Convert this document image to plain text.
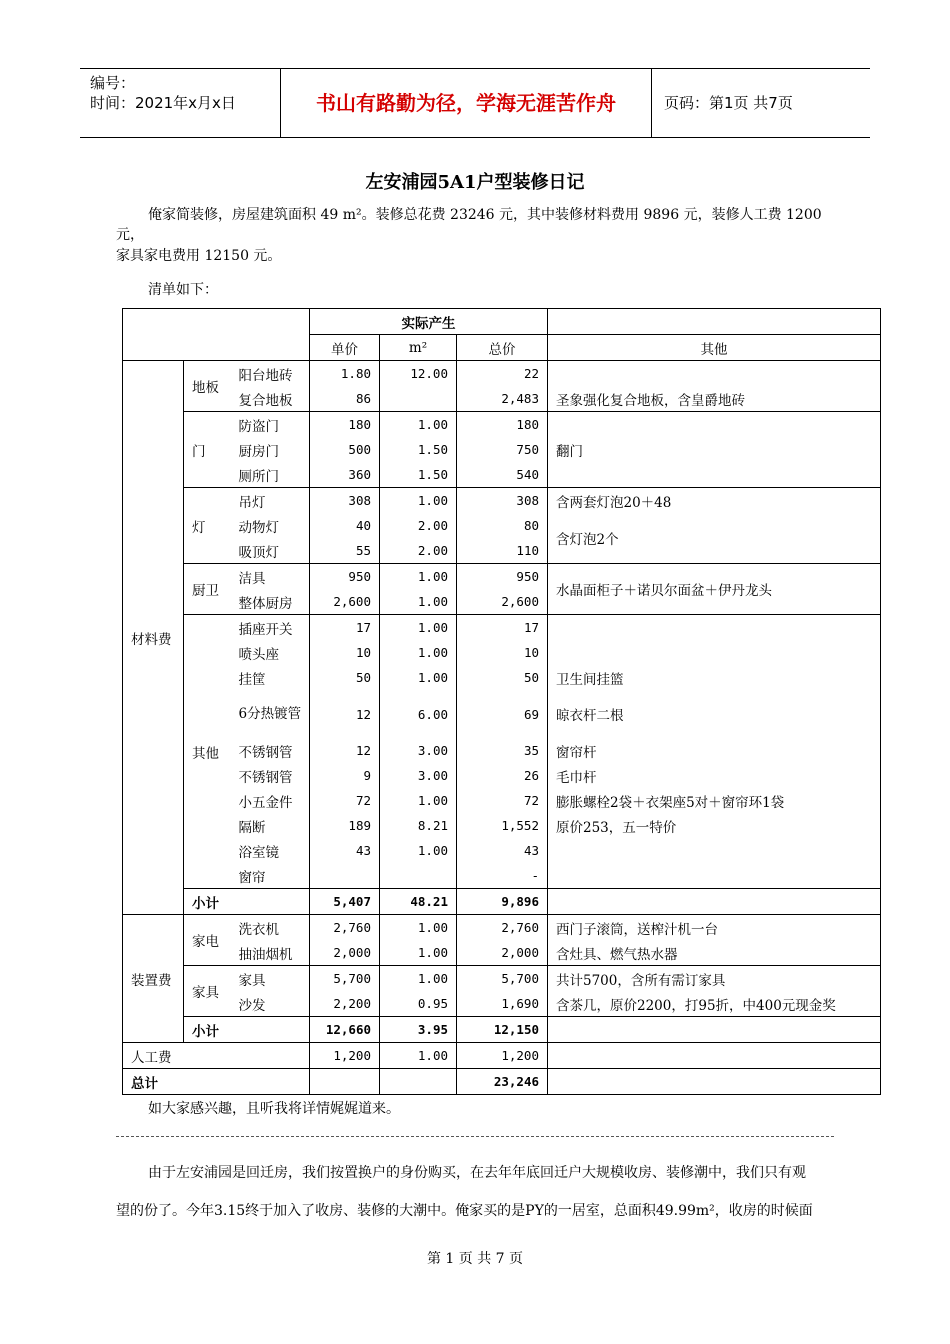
编号：
时间：2021年x月x日	书山有路勤为径，学海无涯苦作舟	页码：第1页 共7页
左安浦园5A1户型装修日记
俺家简装修，房屋建筑面积 49 m²。装修总花费 23246 元，其中装修材料费用 9896 元，装修人工费 1200 元，
家具家电费用 12150 元。
清单如下：
			实际产生			
			单价	m²	总价	其他
材料费	地板	阳台地砖	1.80	12.00	22	
		复合地板	86		2,483	圣象强化复合地板，含皇爵地砖
	门	防盗门	180	1.00	180	翻门
		厨房门	500	1.50	750	
		厕所门	360	1.50	540	
	灯	吊灯	308	1.00	308	含两套灯泡20＋48
		动物灯	40	2.00	80	含灯泡2个
		吸顶灯	55	2.00	110	
	厨卫	洁具	950	1.00	950	水晶面柜子＋诺贝尔面盆＋伊丹龙头
		整体厨房	2,600	1.00	2,600	
	其他	插座开关	17	1.00	17	
		喷头座	10	1.00	10	
		挂筐	50	1.00	50	卫生间挂篮
		6分热镀管	12	6.00	69	晾衣杆二根
		不锈钢管	12	3.00	35	窗帘杆
		不锈钢管	9	3.00	26	毛巾杆
		小五金件	72	1.00	72	膨胀螺栓2袋＋衣架座5对＋窗帘环1袋
		隔断	189	8.21	1,552	原价253，五一特价
		浴室镜	43	1.00	43	
		窗帘			-	
	小计		5,407	48.21	9,896	
装置费	家电	洗衣机	2,760	1.00	2,760	西门子滚筒，送榨汁机一台
		抽油烟机	2,000	1.00	2,000	含灶具、燃气热水器
	家具	家具	5,700	1.00	5,700	共计5700，含所有需订家具
		沙发	2,200	0.95	1,690	含茶几，原价2200，打95折，中400元现金奖
	小计		12,660	3.95	12,150	
人工费			1,200	1.00	1,200	
总计					23,246	
如大家感兴趣，且听我将详情娓娓道来。
由于左安浦园是回迁房，我们按置换户的身份购买，在去年年底回迁户大规模收房、装修潮中，我们只有观
望的份了。今年3.15终于加入了收房、装修的大潮中。俺家买的是PY的一居室，总面积49.99m²，收房的时候面
第 1 页 共 7 页
